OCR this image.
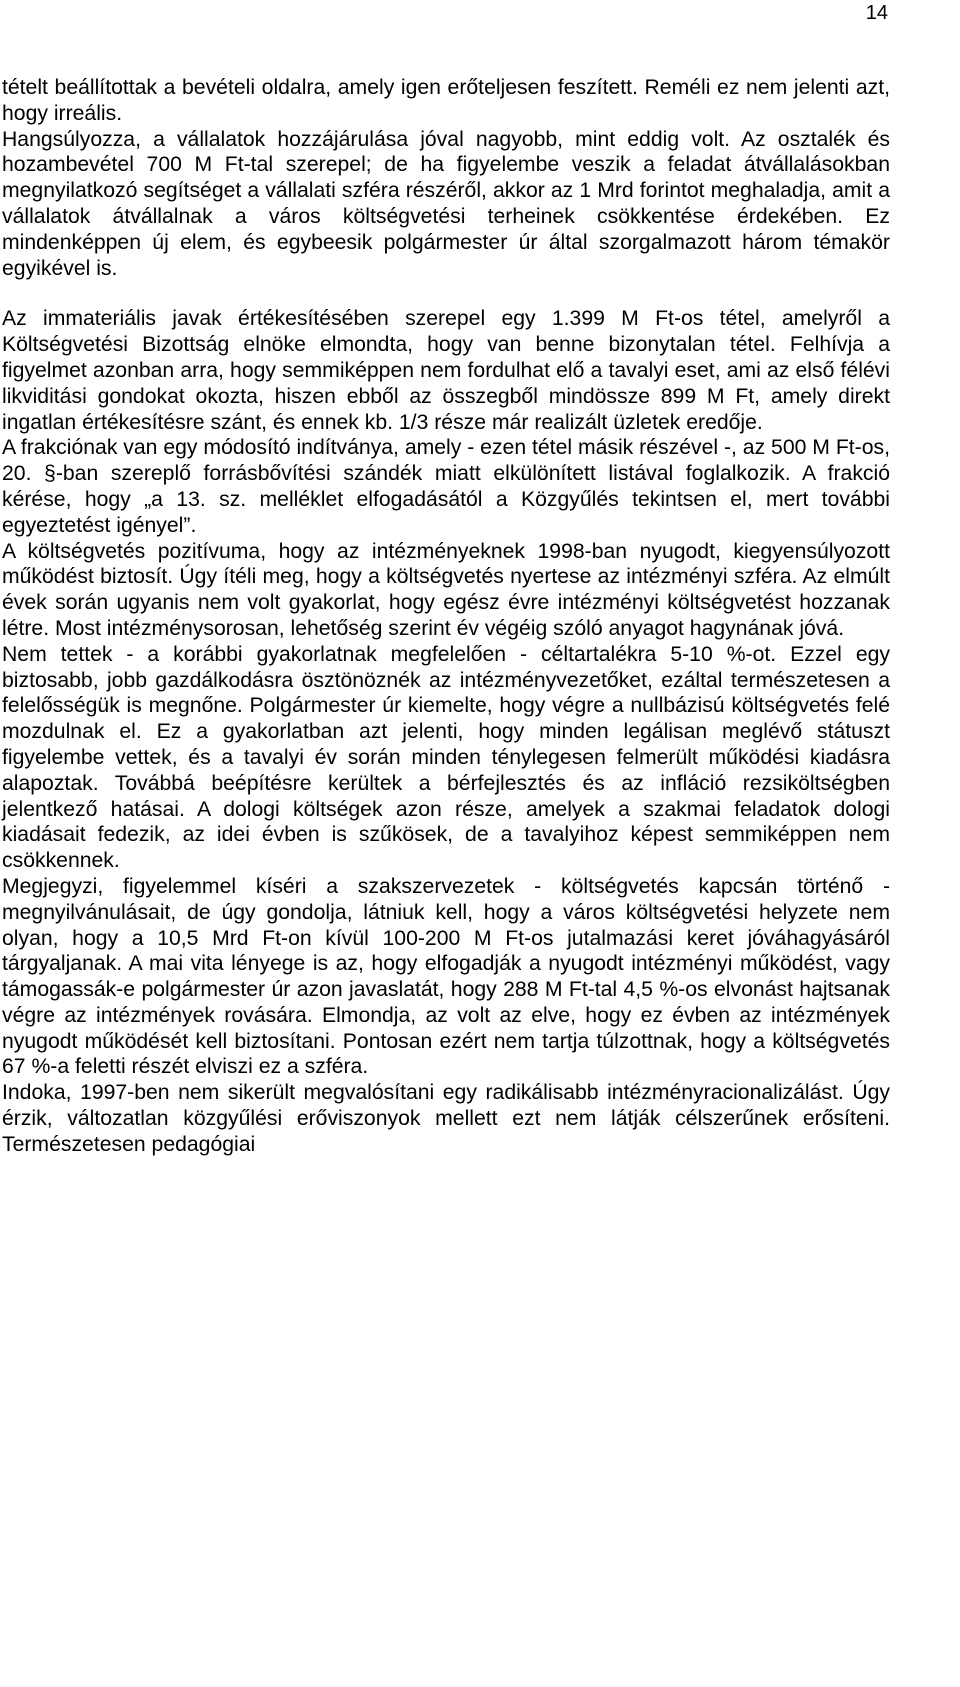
14

tételt beállítottak a bevételi oldalra, amely igen erőteljesen feszített. Reméli ez nem jelenti azt, hogy irreális.

Hangsúlyozza, a vállalatok hozzájárulása jóval nagyobb, mint eddig volt. Az osztalék és hozambevétel 700 M Ft-tal szerepel; de ha figyelembe veszik a feladat átvállalásokban megnyilatkozó segítséget a vállalati szféra részéről, akkor az 1 Mrd forintot meghaladja, amit a vállalatok átvállalnak a város költségvetési terheinek csökkentése érdekében. Ez mindenképpen új elem, és egybeesik polgármester úr által szorgalmazott három témakör egyikével is.

Az immateriális javak értékesítésében szerepel egy 1.399 M Ft-os tétel, amelyről a Költségvetési Bizottság elnöke elmondta, hogy van benne bizonytalan tétel. Felhívja a figyelmet azonban arra, hogy semmiképpen nem fordulhat elő a tavalyi eset, ami az első félévi likviditási gondokat okozta, hiszen ebből az összegből mindössze 899 M Ft, amely direkt ingatlan értékesítésre szánt, és ennek kb. 1/3 része már realizált üzletek eredője.

A frakciónak van egy módosító indítványa, amely - ezen tétel másik részével -, az 500 M Ft-os, 20. §-ban szereplő forrásbővítési szándék miatt elkülönített listával foglalkozik. A frakció kérése, hogy „a 13. sz. melléklet elfogadásától a Közgyűlés tekintsen el, mert további egyeztetést igényel”.

A költségvetés pozitívuma, hogy az intézményeknek 1998-ban nyugodt, kiegyensúlyozott működést biztosít. Úgy ítéli meg, hogy a költségvetés nyertese az intézményi szféra. Az elmúlt évek során ugyanis nem volt gyakorlat, hogy egész évre intézményi költségvetést hozzanak létre. Most intézménysorosan, lehetőség szerint év végéig szóló anyagot hagynának jóvá.

Nem tettek - a korábbi gyakorlatnak megfelelően - céltartalékra 5-10 %-ot. Ezzel egy biztosabb, jobb gazdálkodásra ösztönöznék az intézményvezetőket, ezáltal természetesen a felelősségük is megnőne. Polgármester úr kiemelte, hogy végre a nullbázisú költségvetés felé mozdulnak el. Ez a gyakorlatban azt jelenti, hogy minden legálisan meglévő státuszt figyelembe vettek, és a tavalyi év során minden ténylegesen felmerült működési kiadásra alapoztak. Továbbá beépítésre kerültek a bérfejlesztés és az infláció rezsiköltségben jelentkező hatásai. A dologi költségek azon része, amelyek a szakmai feladatok dologi kiadásait fedezik, az idei évben is szűkösek, de a tavalyihoz képest semmiképpen nem csökkennek.

Megjegyzi, figyelemmel kíséri a szakszervezetek - költségvetés kapcsán történő - megnyilvánulásait, de úgy gondolja, látniuk kell, hogy a város költségvetési helyzete nem olyan, hogy a 10,5 Mrd Ft-on kívül 100-200 M Ft-os jutalmazási keret jóváhagyásáról tárgyaljanak. A mai vita lényege is az, hogy elfogadják a nyugodt intézményi működést, vagy támogassák-e polgármester úr azon javaslatát, hogy 288 M Ft-tal 4,5 %-os elvonást hajtsanak végre az intézmények rovására. Elmondja, az volt az elve, hogy ez évben az intézmények nyugodt működését kell biztosítani. Pontosan ezért nem tartja túlzottnak, hogy a költségvetés 67 %-a feletti részét elviszi ez a szféra.

Indoka, 1997-ben nem sikerült megvalósítani egy radikálisabb intézményracionalizálást. Úgy érzik, változatlan közgyűlési erőviszonyok mellett ezt nem látják célszerűnek erősíteni. Természetesen pedagógiai
